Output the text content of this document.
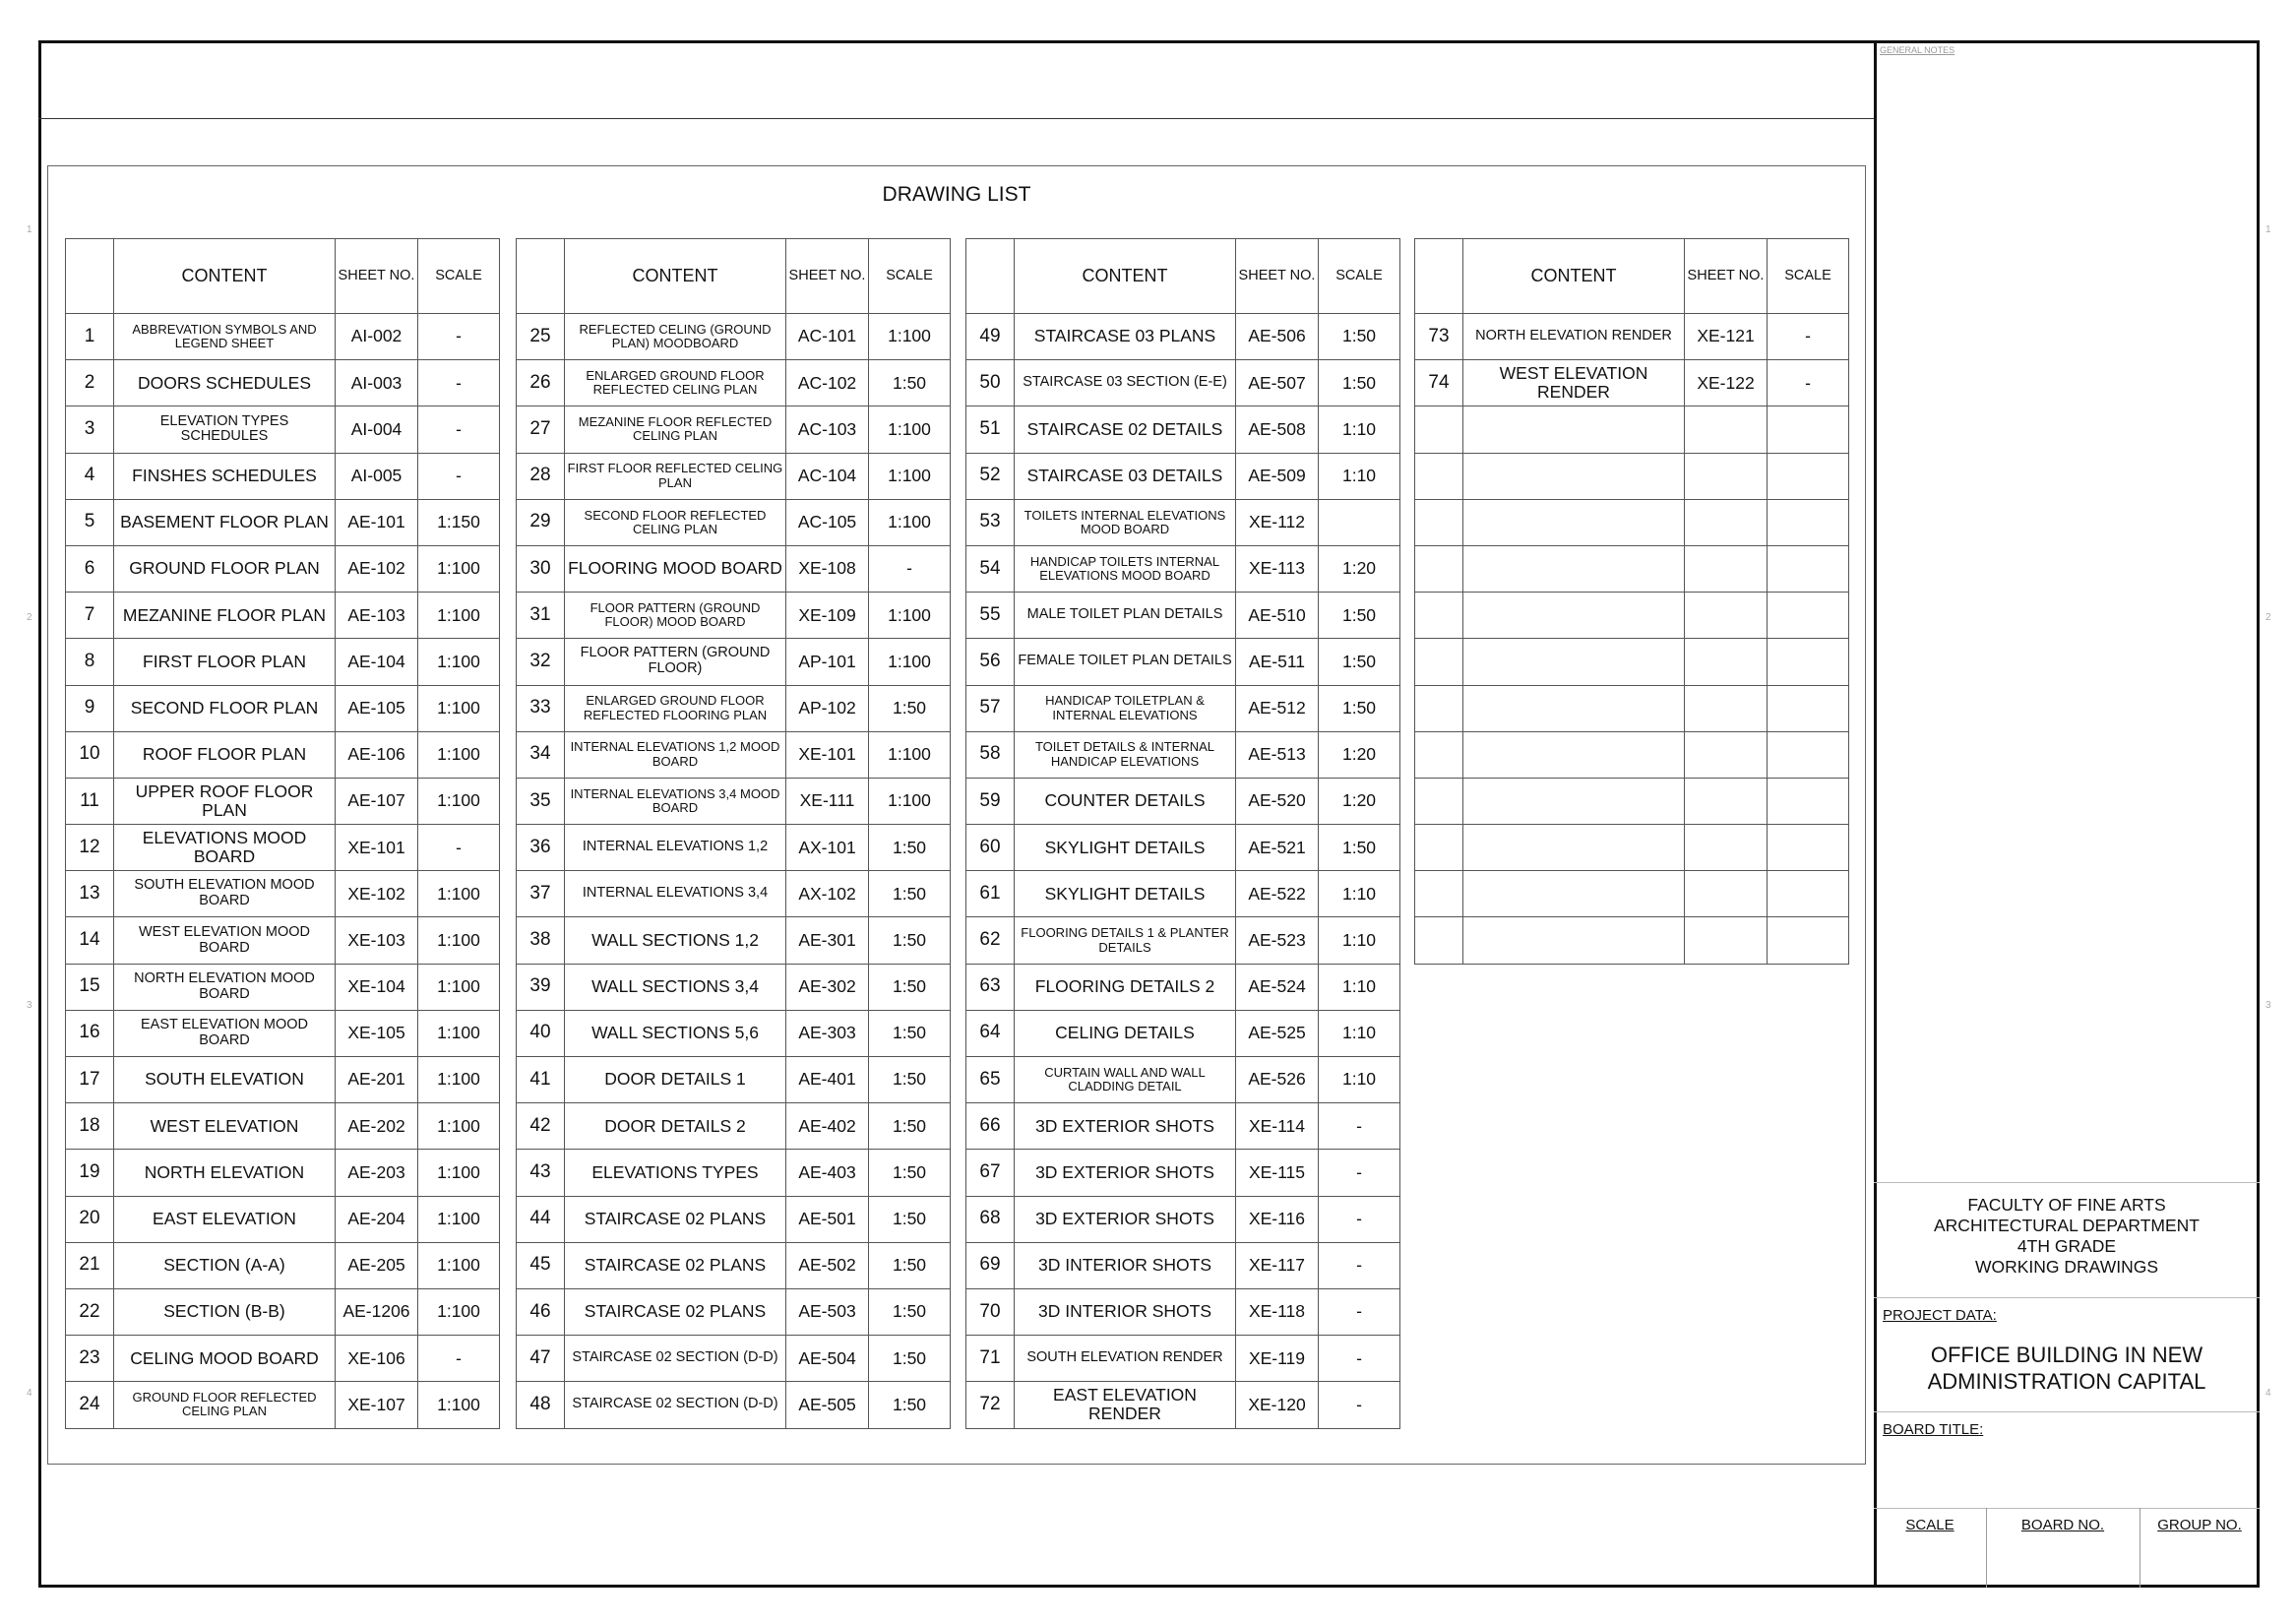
DRAWING LIST
GENERAL NOTES
1
2
3
4
1
2
3
4
	CONTENT	SHEET NO.	SCALE
1	ABBREVATION SYMBOLS AND LEGEND SHEET	AI-002	-
2	DOORS SCHEDULES	AI-003	-
3	ELEVATION TYPES SCHEDULES	AI-004	-
4	FINSHES SCHEDULES	AI-005	-
5	BASEMENT FLOOR PLAN	AE-101	1:150
6	GROUND FLOOR PLAN	AE-102	1:100
7	MEZANINE FLOOR PLAN	AE-103	1:100
8	FIRST FLOOR PLAN	AE-104	1:100
9	SECOND FLOOR PLAN	AE-105	1:100
10	ROOF FLOOR PLAN	AE-106	1:100
11	UPPER ROOF FLOOR PLAN	AE-107	1:100
12	ELEVATIONS MOOD BOARD	XE-101	-
13	SOUTH ELEVATION MOOD BOARD	XE-102	1:100
14	WEST ELEVATION MOOD BOARD	XE-103	1:100
15	NORTH ELEVATION MOOD BOARD	XE-104	1:100
16	EAST ELEVATION MOOD BOARD	XE-105	1:100
17	SOUTH ELEVATION	AE-201	1:100
18	WEST ELEVATION	AE-202	1:100
19	NORTH ELEVATION	AE-203	1:100
20	EAST ELEVATION	AE-204	1:100
21	SECTION (A-A)	AE-205	1:100
22	SECTION (B-B)	AE-1206	1:100
23	CELING MOOD BOARD	XE-106	-
24	GROUND FLOOR REFLECTED CELING PLAN	XE-107	1:100
	CONTENT	SHEET NO.	SCALE
25	REFLECTED CELING (GROUND PLAN) MOODBOARD	AC-101	1:100
26	ENLARGED GROUND FLOOR REFLECTED CELING PLAN	AC-102	1:50
27	MEZANINE FLOOR REFLECTED CELING PLAN	AC-103	1:100
28	FIRST FLOOR REFLECTED CELING PLAN	AC-104	1:100
29	SECOND FLOOR REFLECTED CELING PLAN	AC-105	1:100
30	FLOORING MOOD BOARD	XE-108	-
31	FLOOR PATTERN (GROUND FLOOR) MOOD BOARD	XE-109	1:100
32	FLOOR PATTERN (GROUND FLOOR)	AP-101	1:100
33	ENLARGED GROUND FLOOR REFLECTED FLOORING PLAN	AP-102	1:50
34	INTERNAL ELEVATIONS 1,2 MOOD BOARD	XE-101	1:100
35	INTERNAL ELEVATIONS 3,4 MOOD BOARD	XE-111	1:100
36	INTERNAL ELEVATIONS 1,2	AX-101	1:50
37	INTERNAL ELEVATIONS 3,4	AX-102	1:50
38	WALL SECTIONS 1,2	AE-301	1:50
39	WALL SECTIONS 3,4	AE-302	1:50
40	WALL SECTIONS 5,6	AE-303	1:50
41	DOOR DETAILS 1	AE-401	1:50
42	DOOR DETAILS 2	AE-402	1:50
43	ELEVATIONS TYPES	AE-403	1:50
44	STAIRCASE 02 PLANS	AE-501	1:50
45	STAIRCASE 02 PLANS	AE-502	1:50
46	STAIRCASE 02 PLANS	AE-503	1:50
47	STAIRCASE 02 SECTION (D-D)	AE-504	1:50
48	STAIRCASE 02 SECTION (D-D)	AE-505	1:50
	CONTENT	SHEET NO.	SCALE
49	STAIRCASE 03 PLANS	AE-506	1:50
50	STAIRCASE 03 SECTION (E-E)	AE-507	1:50
51	STAIRCASE 02 DETAILS	AE-508	1:10
52	STAIRCASE 03 DETAILS	AE-509	1:10
53	TOILETS INTERNAL ELEVATIONS MOOD BOARD	XE-112	
54	HANDICAP TOILETS INTERNAL ELEVATIONS MOOD BOARD	XE-113	1:20
55	MALE TOILET PLAN DETAILS	AE-510	1:50
56	FEMALE TOILET PLAN DETAILS	AE-511	1:50
57	HANDICAP TOILETPLAN & INTERNAL ELEVATIONS	AE-512	1:50
58	TOILET DETAILS & INTERNAL HANDICAP ELEVATIONS	AE-513	1:20
59	COUNTER DETAILS	AE-520	1:20
60	SKYLIGHT DETAILS	AE-521	1:50
61	SKYLIGHT DETAILS	AE-522	1:10
62	FLOORING DETAILS 1 & PLANTER DETAILS	AE-523	1:10
63	FLOORING DETAILS 2	AE-524	1:10
64	CELING DETAILS	AE-525	1:10
65	CURTAIN WALL AND WALL CLADDING DETAIL	AE-526	1:10
66	3D EXTERIOR SHOTS	XE-114	-
67	3D EXTERIOR SHOTS	XE-115	-
68	3D EXTERIOR SHOTS	XE-116	-
69	3D INTERIOR SHOTS	XE-117	-
70	3D INTERIOR SHOTS	XE-118	-
71	SOUTH ELEVATION RENDER	XE-119	-
72	EAST ELEVATION RENDER	XE-120	-
	CONTENT	SHEET NO.	SCALE
73	NORTH ELEVATION RENDER	XE-121	-
74	WEST ELEVATION RENDER	XE-122	-

FACULTY OF FINE ARTS
ARCHITECTURAL DEPARTMENT
4TH GRADE
WORKING DRAWINGS
PROJECT DATA:
OFFICE BUILDING IN NEW
ADMINISTRATION CAPITAL
BOARD TITLE:
SCALE	BOARD NO.	GROUP NO.
